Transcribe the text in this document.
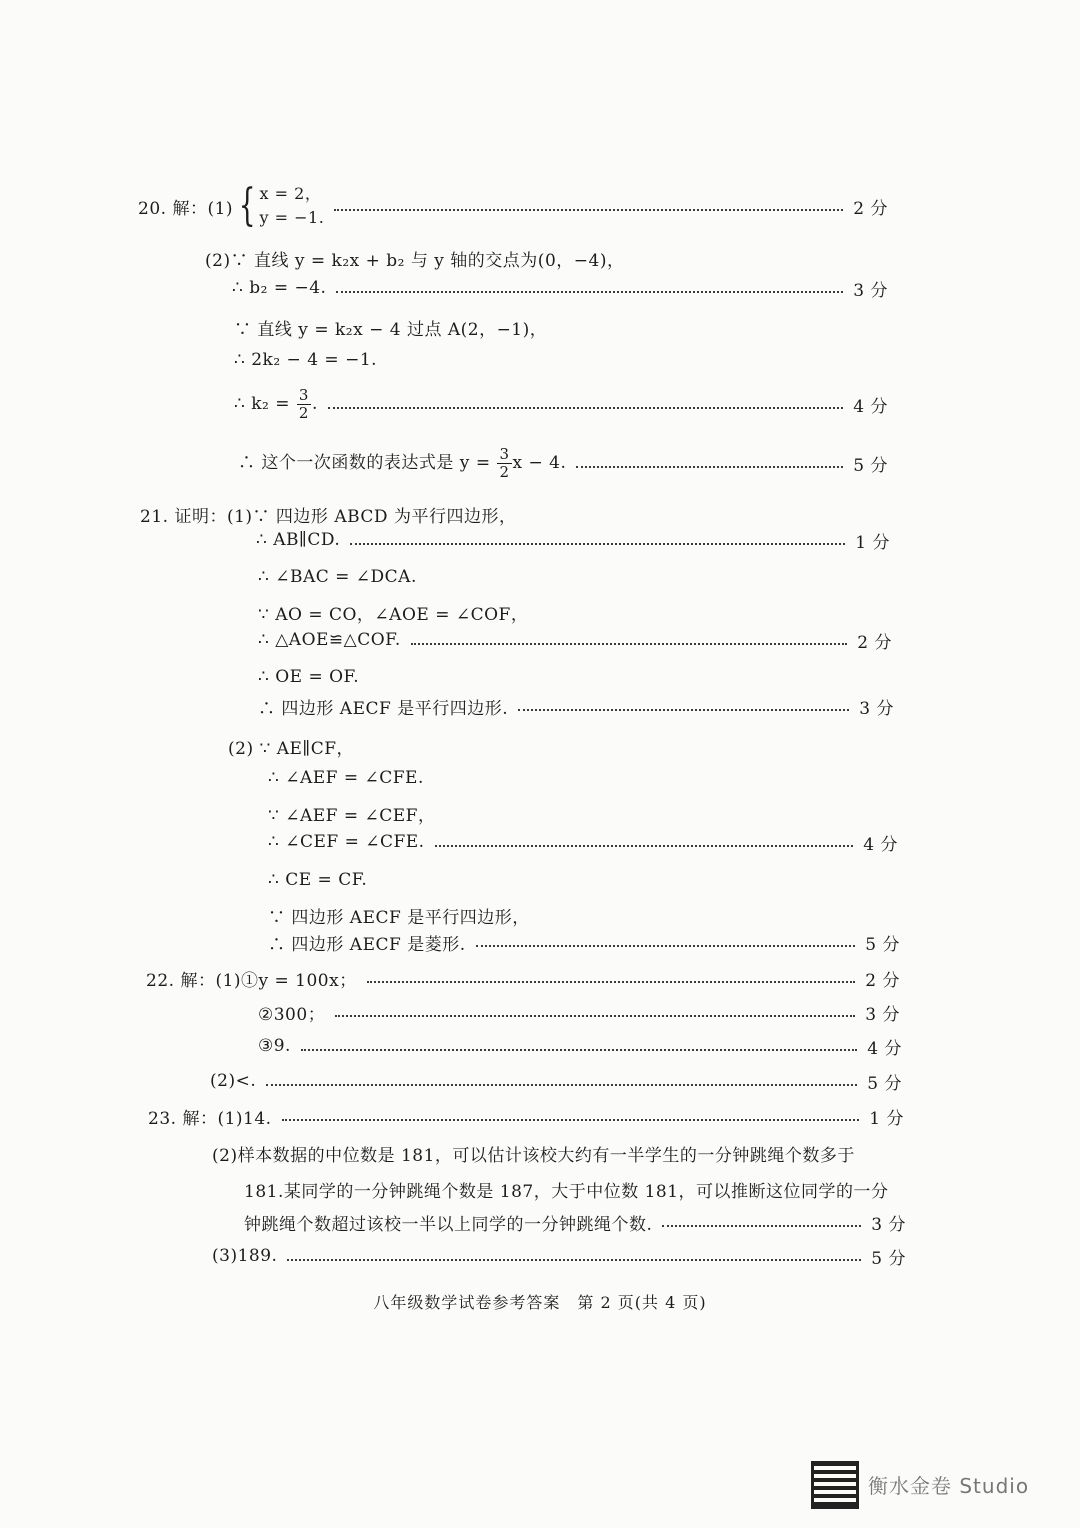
20. 解：(1) { x = 2，
y = −1.	2 分
(2)∵ 直线 y = k₂x + b₂ 与 y 轴的交点为(0，−4)，
∴ b₂ = −4.	3 分
∵ 直线 y = k₂x − 4 过点 A(2，−1)，
∴ 2k₂ − 4 = −1.
∴ $k_2 = \frac{3}{2}$ .	4 分
∴ 这个一次函数的表达式是 $y = \frac{3}{2}$ x − 4.	5 分
21. 证明：(1)∵ 四边形 ABCD 为平行四边形，
∴ AB∥CD.	1 分
∴ ∠BAC = ∠DCA.
∵ AO = CO，∠AOE = ∠COF，
∴ △AOE≌△COF.	2 分
∴ OE = OF.
∴ 四边形 AECF 是平行四边形.	3 分
(2) ∵ AE∥CF，
∴ ∠AEF = ∠CFE.
∵ ∠AEF = ∠CEF，
∴ ∠CEF = ∠CFE.	4 分
∴ CE = CF.
∵ 四边形 AECF 是平行四边形，
∴ 四边形 AECF 是菱形.	5 分
22. 解：(1)①y = 100x；	2 分
②300；	3 分
③9.	4 分
(2)<.	5 分
23. 解：(1)14.	1 分
(2)样本数据的中位数是 181，可以估计该校大约有一半学生的一分钟跳绳个数多于
181.某同学的一分钟跳绳个数是 187，大于中位数 181，可以推断这位同学的一分
钟跳绳个数超过该校一半以上同学的一分钟跳绳个数.	3 分
(3)189.	5 分
八年级数学试卷参考答案　第 2 页(共 4 页)
衡水金卷 Studio
